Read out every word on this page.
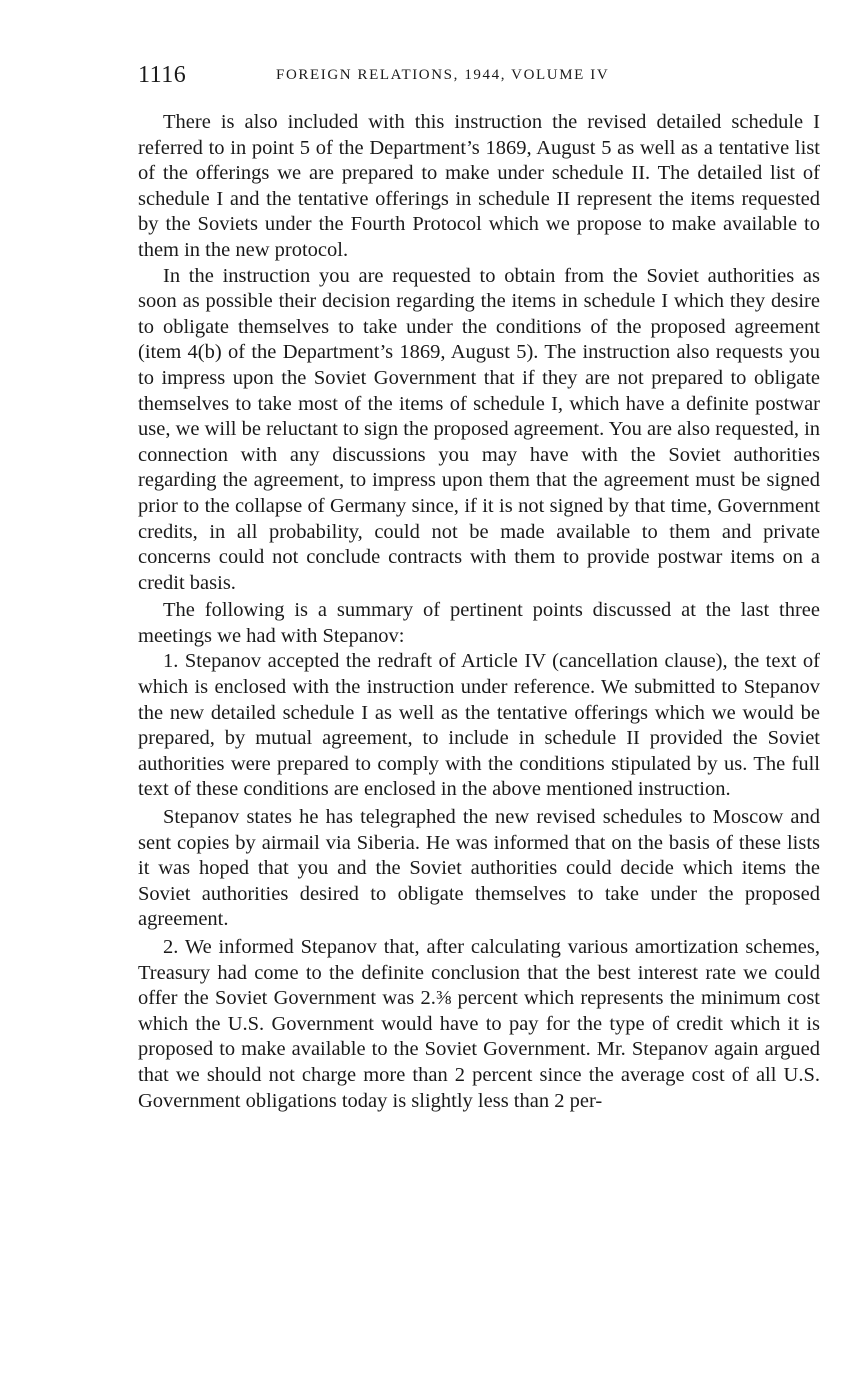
1116	FOREIGN RELATIONS, 1944, VOLUME IV

There is also included with this instruction the revised detailed schedule I referred to in point 5 of the Department’s 1869, August 5 as well as a tentative list of the offerings we are prepared to make under schedule II. The detailed list of schedule I and the tentative offerings in schedule II represent the items requested by the Soviets under the Fourth Protocol which we propose to make available to them in the new protocol.

In the instruction you are requested to obtain from the Soviet authorities as soon as possible their decision regarding the items in schedule I which they desire to obligate themselves to take under the conditions of the proposed agreement (item 4(b) of the Department’s 1869, August 5). The instruction also requests you to impress upon the Soviet Government that if they are not prepared to obligate themselves to take most of the items of schedule I, which have a definite postwar use, we will be reluctant to sign the proposed agreement. You are also requested, in connection with any discussions you may have with the Soviet authorities regarding the agreement, to impress upon them that the agreement must be signed prior to the collapse of Germany since, if it is not signed by that time, Government credits, in all probability, could not be made available to them and private concerns could not conclude contracts with them to provide postwar items on a credit basis.

The following is a summary of pertinent points discussed at the last three meetings we had with Stepanov:

1. Stepanov accepted the redraft of Article IV (cancellation clause), the text of which is enclosed with the instruction under reference. We submitted to Stepanov the new detailed schedule I as well as the tentative offerings which we would be prepared, by mutual agreement, to include in schedule II provided the Soviet authorities were prepared to comply with the conditions stipulated by us. The full text of these conditions are enclosed in the above mentioned instruction.

Stepanov states he has telegraphed the new revised schedules to Moscow and sent copies by airmail via Siberia. He was informed that on the basis of these lists it was hoped that you and the Soviet authorities could decide which items the Soviet authorities desired to obligate themselves to take under the proposed agreement.

2. We informed Stepanov that, after calculating various amortization schemes, Treasury had come to the definite conclusion that the best interest rate we could offer the Soviet Government was 2.⅜ percent which represents the minimum cost which the U.S. Government would have to pay for the type of credit which it is proposed to make available to the Soviet Government. Mr. Stepanov again argued that we should not charge more than 2 percent since the average cost of all U.S. Government obligations today is slightly less than 2 per-
